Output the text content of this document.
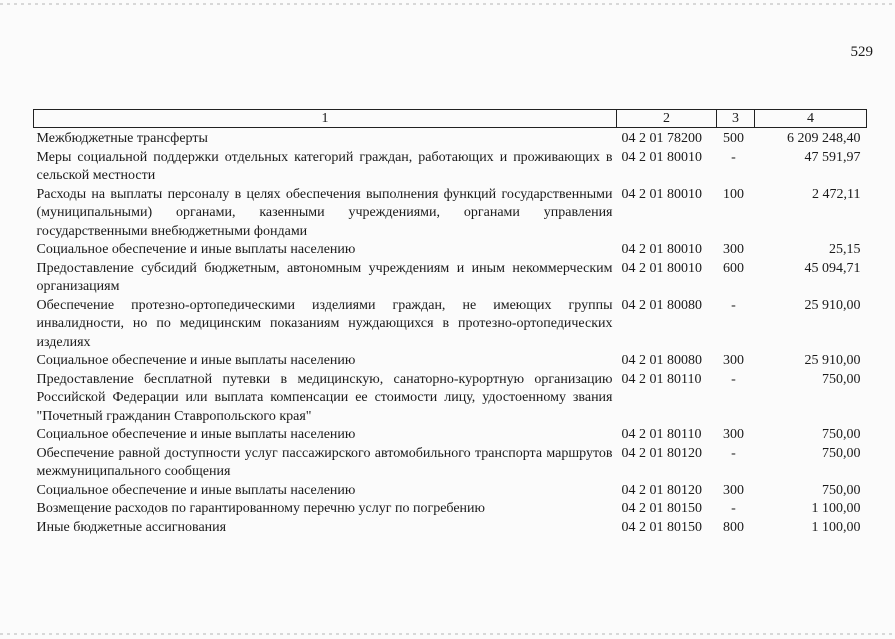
529
1	2	3	4
Межбюджетные трансферты	04 2 01 78200	500	6 209 248,40
Меры социальной поддержки отдельных категорий граждан, работающих и проживающих в сельской местности	04 2 01 80010	-	47 591,97
Расходы на выплаты персоналу в целях обеспечения выполнения функций государственными (муниципальными) органами, казенными учреждениями, органами управления государственными внебюджетными фондами	04 2 01 80010	100	2 472,11
Социальное обеспечение и иные выплаты населению	04 2 01 80010	300	25,15
Предоставление субсидий бюджетным, автономным учреждениям и иным некоммерческим организациям	04 2 01 80010	600	45 094,71
Обеспечение протезно-ортопедическими изделиями граждан, не имеющих группы инвалидности, но по медицинским показаниям нуждающихся в протезно-ортопедических изделиях	04 2 01 80080	-	25 910,00
Социальное обеспечение и иные выплаты населению	04 2 01 80080	300	25 910,00
Предоставление бесплатной путевки в медицинскую, санаторно-курортную организацию Российской Федерации или выплата компенсации ее стоимости лицу, удостоенному звания "Почетный гражданин Ставропольского края"	04 2 01 80110	-	750,00
Социальное обеспечение и иные выплаты населению	04 2 01 80110	300	750,00
Обеспечение равной доступности услуг пассажирского автомобильного транспорта маршрутов межмуниципального сообщения	04 2 01 80120	-	750,00
Социальное обеспечение и иные выплаты населению	04 2 01 80120	300	750,00
Возмещение расходов по гарантированному перечню услуг по погребению	04 2 01 80150	-	1 100,00
Иные бюджетные ассигнования	04 2 01 80150	800	1 100,00
